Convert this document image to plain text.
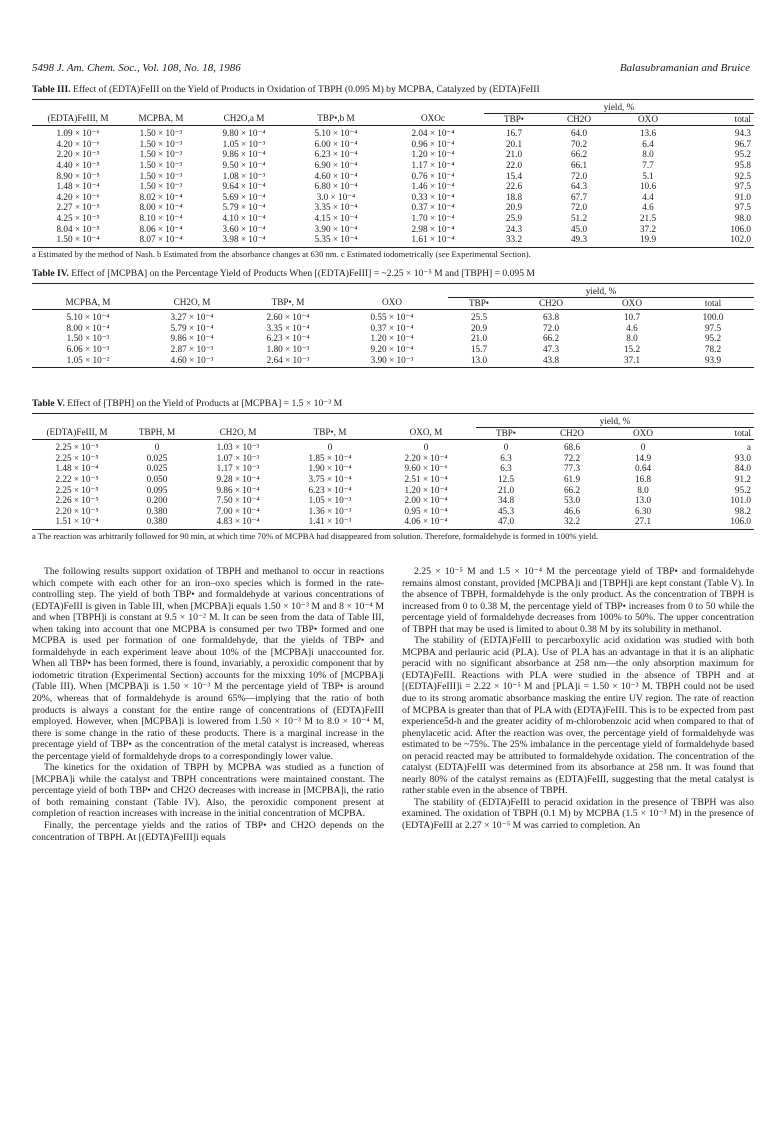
5498 J. Am. Chem. Soc., Vol. 108, No. 18, 1986	Balasubramanian and Bruice
Table III. Effect of (EDTA)FeIII on the Yield of Products in Oxidation of TBPH (0.095 M) by MCPBA, Catalyzed by (EDTA)FeIII
					yield, %			
(EDTA)FeIII, M	MCPBA, M	CH2O,a M	TBP•,b M	OXOc	TBP•	CH2O	OXO	total
1.09 × 10⁻⁶	1.50 × 10⁻³	9.80 × 10⁻⁴	5.10 × 10⁻⁴	2.04 × 10⁻⁴	16.7	64.0	13.6	94.3
4.20 × 10⁻⁶	1.50 × 10⁻³	1.05 × 10⁻³	6.00 × 10⁻⁴	0.96 × 10⁻⁴	20.1	70.2	6.4	96.7
2.20 × 10⁻⁵	1.50 × 10⁻³	9.86 × 10⁻⁴	6.23 × 10⁻⁴	1.20 × 10⁻⁴	21.0	66.2	8.0	95.2
4.40 × 10⁻⁵	1.50 × 10⁻³	9.50 × 10⁻⁴	6.90 × 10⁻⁴	1.17 × 10⁻⁴	22.0	66.1	7.7	95.8
8.90 × 10⁻⁵	1.50 × 10⁻³	1.08 × 10⁻³	4.60 × 10⁻⁴	0.76 × 10⁻⁴	15.4	72.0	5.1	92.5
1.48 × 10⁻⁴	1.50 × 10⁻³	9.64 × 10⁻⁴	6.80 × 10⁻⁴	1.46 × 10⁻⁴	22.6	64.3	10.6	97.5
4.20 × 10⁻⁶	8.02 × 10⁻⁴	5.69 × 10⁻⁴	3.0 × 10⁻⁴	0.33 × 10⁻⁴	18.8	67.7	4.4	91.0
2.27 × 10⁻⁵	8.00 × 10⁻⁴	5.79 × 10⁻⁴	3.35 × 10⁻⁴	0.37 × 10⁻⁴	20.9	72.0	4.6	97.5
4.25 × 10⁻⁵	8.10 × 10⁻⁴	4.10 × 10⁻⁴	4.15 × 10⁻⁴	1.70 × 10⁻⁴	25.9	51.2	21.5	98.0
8.04 × 10⁻⁵	8.06 × 10⁻⁴	3.60 × 10⁻⁴	3.90 × 10⁻⁴	2.98 × 10⁻⁴	24.3	45.0	37.2	106.0
1.50 × 10⁻⁴	8.07 × 10⁻⁴	3.98 × 10⁻⁴	5.35 × 10⁻⁴	1.61 × 10⁻⁴	33.2	49.3	19.9	102.0
a Estimated by the method of Nash. b Estimated from the absorbance changes at 630 nm. c Estimated iodometrically (see Experimental Section).
Table IV. Effect of [MCPBA] on the Percentage Yield of Products When [(EDTA)FeIII] = ~2.25 × 10⁻⁵ M and [TBPH] = 0.095 M
				yield, %			
MCPBA, M	CH2O, M	TBP•, M	OXO	TBP•	CH2O	OXO	total
5.10 × 10⁻⁴	3.27 × 10⁻⁴	2.60 × 10⁻⁴	0.55 × 10⁻⁴	25.5	63.8	10.7	100.0
8.00 × 10⁻⁴	5.79 × 10⁻⁴	3.35 × 10⁻⁴	0.37 × 10⁻⁴	20.9	72.0	4.6	97.5
1.50 × 10⁻³	9.86 × 10⁻⁴	6.23 × 10⁻⁴	1.20 × 10⁻⁴	21.0	66.2	8.0	95.2
6.06 × 10⁻³	2.87 × 10⁻³	1.80 × 10⁻³	9.20 × 10⁻⁴	15.7	47.3	15.2	78.2
1.05 × 10⁻²	4.60 × 10⁻³	2.64 × 10⁻³	3.90 × 10⁻³	13.0	43.8	37.1	93.9
Table V. Effect of [TBPH] on the Yield of Products at [MCPBA] = 1.5 × 10⁻³ M
					yield, %			
(EDTA)FeIII, M	TBPH, M	CH2O, M	TBP•, M	OXO, M	TBP•	CH2O	OXO	total
2.25 × 10⁻⁵	0	1.03 × 10⁻³	0	0	0	68.6	0	a
2.25 × 10⁻⁵	0.025	1.07 × 10⁻³	1.85 × 10⁻⁴	2.20 × 10⁻⁴	6.3	72.2	14.9	93.0
1.48 × 10⁻⁴	0.025	1.17 × 10⁻³	1.90 × 10⁻⁴	9.60 × 10⁻⁶	6.3	77.3	0.64	84.0
2.22 × 10⁻⁵	0.050	9.28 × 10⁻⁴	3.75 × 10⁻⁴	2.51 × 10⁻⁴	12.5	61.9	16.8	91.2
2.25 × 10⁻⁵	0.095	9.86 × 10⁻⁴	6.23 × 10⁻⁴	1.20 × 10⁻⁴	21.0	66.2	8.0	95.2
2.26 × 10⁻⁵	0.200	7.50 × 10⁻⁴	1.05 × 10⁻³	2.00 × 10⁻⁴	34.8	53.0	13.0	101.0
2.20 × 10⁻⁵	0.380	7.00 × 10⁻⁴	1.36 × 10⁻³	0.95 × 10⁻⁴	45.3	46.6	6.30	98.2
1.51 × 10⁻⁴	0.380	4.83 × 10⁻⁴	1.41 × 10⁻³	4.06 × 10⁻⁴	47.0	32.2	27.1	106.0
a The reaction was arbitrarily followed for 90 min, at which time 70% of MCPBA had disappeared from solution. Therefore, formaldehyde is formed in 100% yield.

The following results support oxidation of TBPH and methanol to occur in reactions which compete with each other for an iron–oxo species which is formed in the rate-controlling step. The yield of both TBP• and formaldehyde at various concentrations of (EDTA)FeIII is given in Table III, when [MCPBA]i equals 1.50 × 10⁻³ M and 8 × 10⁻⁴ M and when [TBPH]i is constant at 9.5 × 10⁻² M. It can be seen from the data of Table III, when taking into account that one MCPBA is consumed per two TBP• formed and one MCPBA is used per formation of one formaldehyde, that the yields of TBP• and formaldehyde in each experiment leave about 10% of the [MCPBA]i unaccounted for. When all TBP• has been formed, there is found, invariably, a peroxidic component that by iodometric titration (Experimental Section) accounts for the mixxing 10% of [MCPBA]i (Table III). When [MCPBA]i is 1.50 × 10⁻³ M the percentage yield of TBP• is around 20%, whereas that of formaldehyde is around 65%—implying that the ratio of both products is always a constant for the entire range of concentrations of (EDTA)FeIII employed. However, when [MCPBA]i is lowered from 1.50 × 10⁻³ M to 8.0 × 10⁻⁴ M, there is some change in the ratio of these products. There is a marginal increase in the precentage yield of TBP• as the concentration of the metal catalyst is increased, whereas the percentage yield of formaldehyde drops to a correspondingly lower value.

The kinetics for the oxidation of TBPH by MCPBA was studied as a function of [MCPBA]i while the catalyst and TBPH concentrations were maintained constant. The percentage yield of both TBP• and CH2O decreases with increase in [MCPBA]i, the ratio of both remaining constant (Table IV). Also, the peroxidic component present at completion of reaction increases with increase in the initial concentration of MCPBA.

Finally, the percentage yields and the ratios of TBP• and CH2O depends on the concentration of TBPH. At [(EDTA)FeIII]i equals

2.25 × 10⁻⁵ M and 1.5 × 10⁻⁴ M the percentage yield of TBP• and formaldehyde remains almost constant, provided [MCPBA]i and [TBPH]i are kept constant (Table V). In the absence of TBPH, formaldehyde is the only product. As the concentration of TBPH is increased from 0 to 0.38 M, the percentage yield of TBP• increases from 0 to 50 while the percentage yield of formaldehyde decreases from 100% to 50%. The upper concentration of TBPH that may be used is limited to about 0.38 M by its solubility in methanol.

The stability of (EDTA)FeIII to percarboxylic acid oxidation was studied with both MCPBA and perlauric acid (PLA). Use of PLA has an advantage in that it is an aliphatic peracid with no significant absorbance at 258 nm—the only absorption maximum for (EDTA)FeIII. Reactions with PLA were studied in the absence of TBPH and at [(EDTA)FeIII]i = 2.22 × 10⁻⁵ M and [PLA]i = 1.50 × 10⁻³ M. TBPH could not be used due to its strong aromatic absorbance masking the entire UV region. The rate of reaction of MCPBA is greater than that of PLA with (EDTA)FeIII. This is to be expected from past experience5d-h and the greater acidity of m-chlorobenzoic acid when compared to that of phenylacetic acid. After the reaction was over, the percentage yield of formaldehyde was estimated to be ~75%. The 25% imbalance in the percentage yield of formaldehyde based on peracid reacted may be attributed to formaldehyde oxidation. The concentration of the catalyst (EDTA)FeIII was determined from its absorbance at 258 nm. It was found that nearly 80% of the catalyst remains as (EDTA)FeIII, suggesting that the metal catalyst is rather stable even in the absence of TBPH.

The stability of (EDTA)FeIII to peracid oxidation in the presence of TBPH was also examined. The oxidation of TBPH (0.1 M) by MCPBA (1.5 × 10⁻³ M) in the presence of (EDTA)FeIII at 2.27 × 10⁻⁵ M was carried to completion. An
